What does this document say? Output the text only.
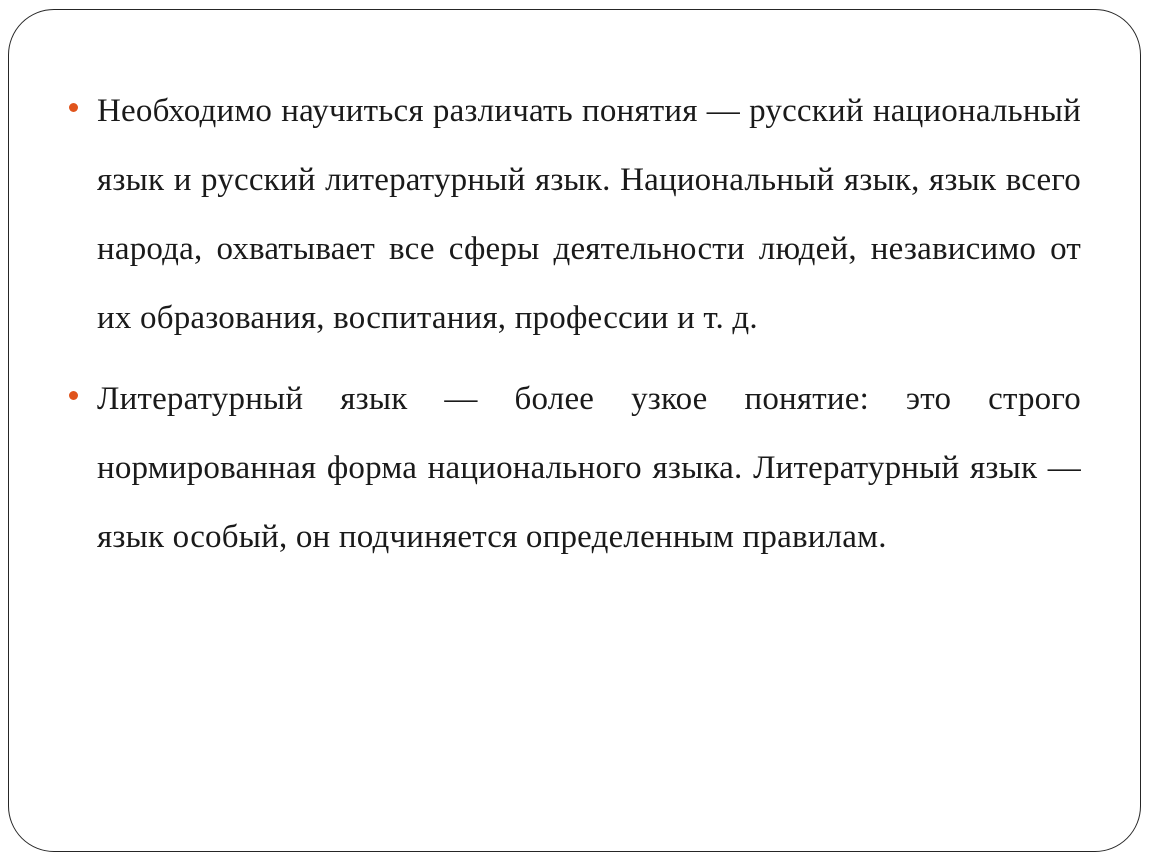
Необходимо научиться различать понятия — русский национальный язык и русский литературный язык. Национальный язык, язык всего народа, охватывает все сферы деятельности людей, независимо от их образования, воспитания, профессии и т. д.

Литературный язык — более узкое понятие: это строго нормированная форма национального языка. Литературный язык — язык особый, он подчиняется определенным правилам.
